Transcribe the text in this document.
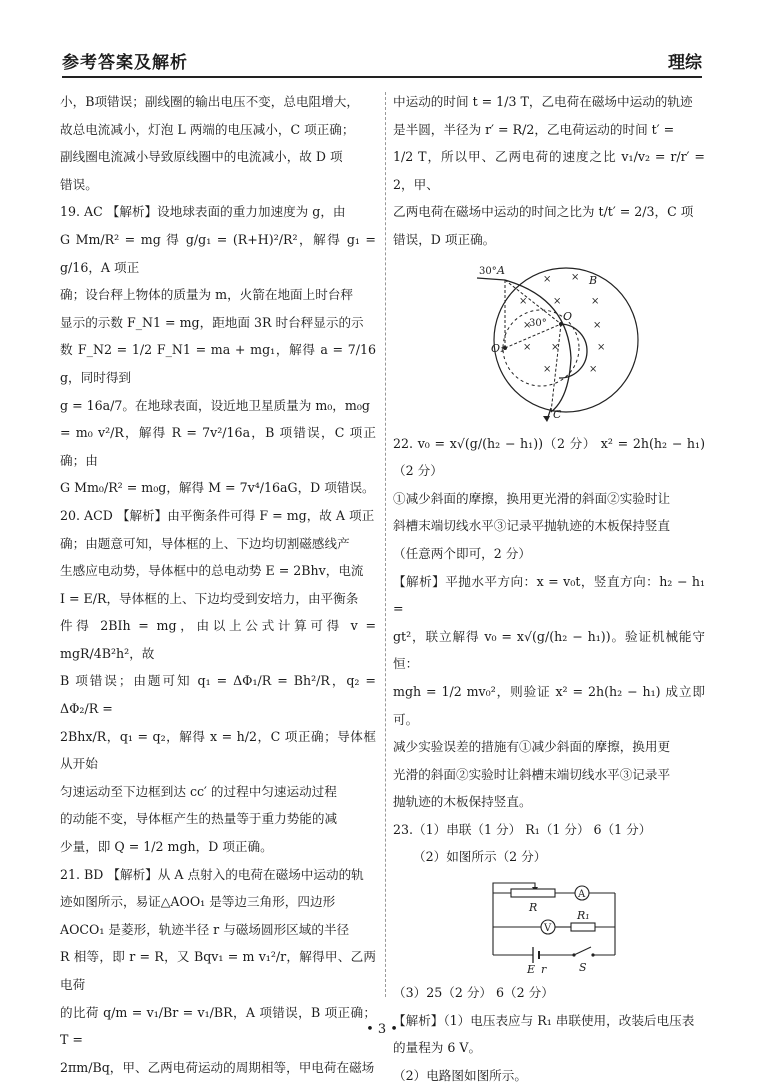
参考答案及解析	理综

小，B项错误；副线圈的输出电压不变，总电阻增大，

故总电流减小，灯泡 L 两端的电压减小，C 项正确；

副线圈电流减小导致原线圈中的电流减小，故 D 项

错误。

19. AC 【解析】设地球表面的重力加速度为 g，由

G Mm/R² = mg 得 g/g₁ = (R+H)²/R²，解得 g₁ = g/16，A 项正

确；设台秤上物体的质量为 m，火箭在地面上时台秤

显示的示数 F_N1 = mg，距地面 3R 时台秤显示的示

数 F_N2 = 1/2 F_N1 = ma + mg₁，解得 a = 7/16 g，同时得到

g = 16a/7。在地球表面，设近地卫星质量为 m₀，m₀g

= m₀ v²/R，解得 R = 7v²/16a，B 项错误，C 项正确；由

G Mm₀/R² = m₀g，解得 M = 7v⁴/16aG，D 项错误。

20. ACD 【解析】由平衡条件可得 F = mg，故 A 项正

确；由题意可知，导体框的上、下边均切割磁感线产

生感应电动势，导体框中的总电动势 E = 2Bhv，电流

I = E/R，导体框的上、下边均受到安培力，由平衡条

件得 2BIh = mg，由以上公式计算可得 v = mgR/4B²h²，故

B 项错误；由题可知 q₁ = ΔΦ₁/R = Bh²/R，q₂ = ΔΦ₂/R =

2Bhx/R，q₁ = q₂，解得 x = h/2，C 项正确；导体框从开始

匀速运动至下边框到达 cc′ 的过程中匀速运动过程

的动能不变，导体框产生的热量等于重力势能的减

少量，即 Q = 1/2 mgh，D 项正确。

21. BD 【解析】从 A 点射入的电荷在磁场中运动的轨

迹如图所示，易证△AOO₁ 是等边三角形，四边形

AOCO₁ 是菱形，轨迹半径 r 与磁场圆形区域的半径

R 相等，即 r = R，又 Bqv₁ = m v₁²/r，解得甲、乙两电荷

的比荷 q/m = v₁/Br = v₁/BR，A 项错误，B 项正确；T =

2πm/Bq，甲、乙两电荷运动的周期相等，甲电荷在磁场

中运动的时间 t = 1/3 T，乙电荷在磁场中运动的轨迹

是半圆，半径为 r′ = R/2，乙电荷运动的时间 t′ =

1/2 T，所以甲、乙两电荷的速度之比 v₁/v₂ = r/r′ = 2，甲、

乙两电荷在磁场中运动的时间之比为 t/t′ = 2/3，C 项

错误，D 项正确。

× ×
×	×	×
×	×
× ×	×
×	×
30° A
B
30°
O
O₁
C

22. v₀ = x√(g/(h₂ − h₁))（2 分） x² = 2h(h₂ − h₁)（2 分）

①减少斜面的摩擦，换用更光滑的斜面②实验时让

斜槽末端切线水平③记录平抛轨迹的木板保持竖直

（任意两个即可，2 分）

【解析】平抛水平方向：x = v₀t，竖直方向：h₂ − h₁ =

gt²，联立解得 v₀ = x√(g/(h₂ − h₁))。验证机械能守恒：

mgh = 1/2 mv₀²，则验证 x² = 2h(h₂ − h₁) 成立即可。

减少实验误差的措施有①减少斜面的摩擦，换用更

光滑的斜面②实验时让斜槽末端切线水平③记录平

抛轨迹的木板保持竖直。

23.（1）串联（1 分） R₁（1 分） 6（1 分）

（2）如图所示（2 分）

A
R
V
R₁
E r	S

（3）25（2 分） 6（2 分）

【解析】（1）电压表应与 R₁ 串联使用，改装后电压表

的量程为 6 V。

（2）电路图如图所示。

• 3 •
